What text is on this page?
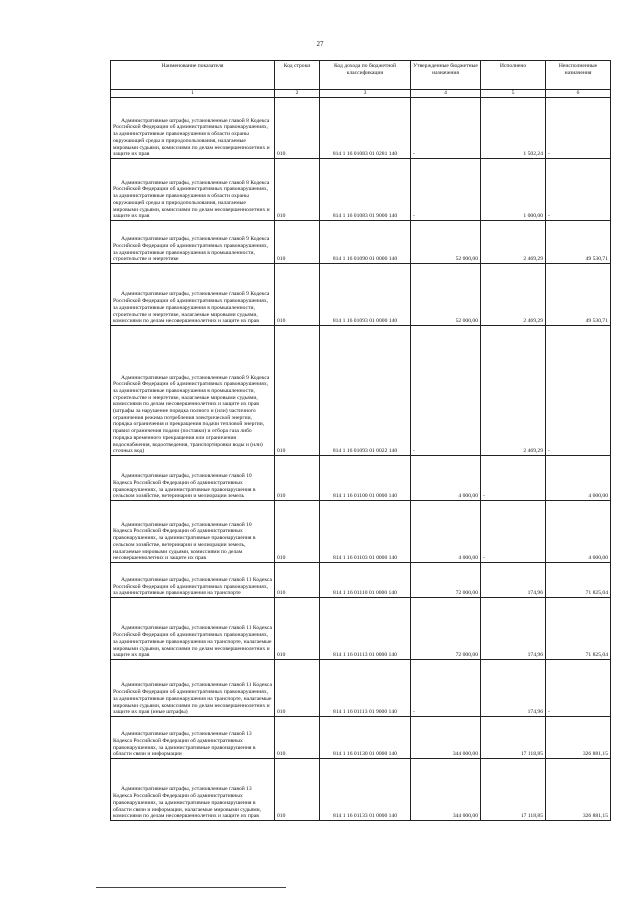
27
Наименование показателя	Код строки	Код дохода по бюджетной классификации	Утвержденные бюджетные назначения	Исполнено	Неисполненные назначения
1	2	3	4	5	6
Административные штрафы, установленные главой 8 Кодекса Российской Федерации об административных правонарушениях, за административные правонарушения в области охраны окружающей среды и природопользования, налагаемые мировыми судьями, комиссиями по делам несовершеннолетних и защите их прав	010	814 1 16 01083 01 0281 140	-	1 502,24	-
Административные штрафы, установленные главой 8 Кодекса Российской Федерации об административных правонарушениях, за административные правонарушения в области охраны окружающей среды и природопользования, налагаемые мировыми судьями, комиссиями по делам несовершеннолетних и защите их прав	010	814 1 16 01083 01 9000 140	-	1 000,00	-
Административные штрафы, установленные главой 9 Кодекса Российской Федерации об административных правонарушениях, за административные правонарушения в промышленности, строительстве и энергетике	010	814 1 16 01090 01 0000 140	52 000,00	2 469,29	49 530,71
Административные штрафы, установленные главой 9 Кодекса Российской Федерации об административных правонарушениях, за административные правонарушения в промышленности, строительстве и энергетике, налагаемые мировыми судьями, комиссиями по делам несовершеннолетних и защите их прав	010	814 1 16 01093 01 0000 140	52 000,00	2 469,29	49 530,71
Административные штрафы, установленные главой 9 Кодекса Российской Федерации об административных правонарушениях, за административные правонарушения в промышленности, строительстве и энергетике, налагаемые мировыми судьями, комиссиями по делам несовершеннолетних и защите их прав (штрафы за нарушение порядка полного и (или) частичного ограничения режима потребления электрической энергии, порядка ограничения и прекращения подачи тепловой энергии, правил ограничения подачи (поставки) и отбора газа либо порядка временного прекращения или ограничения водоснабжения, водоотведения, транспортировки воды и (или) сточных вод)	010	814 1 16 01093 01 0022 140	-	2 469,29	-
Административные штрафы, установленные главой 10 Кодекса Российской Федерации об административных правонарушениях, за административные правонарушения в сельском хозяйстве, ветеринарии и мелиорации земель	010	814 1 16 01100 01 0000 140	4 000,00	-	4 000,00
Административные штрафы, установленные главой 10 Кодекса Российской Федерации об административных правонарушениях, за административные правонарушения в сельском хозяйстве, ветеринарии и мелиорации земель, налагаемые мировыми судьями, комиссиями по делам несовершеннолетних и защите их прав	010	814 1 16 01103 01 0000 140	4 000,00	-	4 000,00
Административные штрафы, установленные главой 11 Кодекса Российской Федерации об административных правонарушениях, за административные правонарушения на транспорте	010	814 1 16 01110 01 0000 140	72 000,00	174,96	71 825,04
Административные штрафы, установленные главой 11 Кодекса Российской Федерации об административных правонарушениях, за административные правонарушения на транспорте, налагаемые мировыми судьями, комиссиями по делам несовершеннолетних и защите их прав	010	814 1 16 01113 01 0000 140	72 000,00	174,96	71 825,04
Административные штрафы, установленные главой 11 Кодекса Российской Федерации об административных правонарушениях, за административные правонарушения на транспорте, налагаемые мировыми судьями, комиссиями по делам несовершеннолетних и защите их прав (иные штрафы)	010	814 1 16 01113 01 9000 140	-	174,96	-
Административные штрафы, установленные главой 13 Кодекса Российской Федерации об административных правонарушениях, за административные правонарушения в области связи и информации	010	814 1 16 01130 01 0000 140	344 000,00	17 118,85	326 881,15
Административные штрафы, установленные главой 13 Кодекса Российской Федерации об административных правонарушениях, за административные правонарушения в области связи и информации, налагаемые мировыми судьями, комиссиями по делам несовершеннолетних и защите их прав	010	814 1 16 01133 01 0000 140	344 000,00	17 118,85	326 881,15
